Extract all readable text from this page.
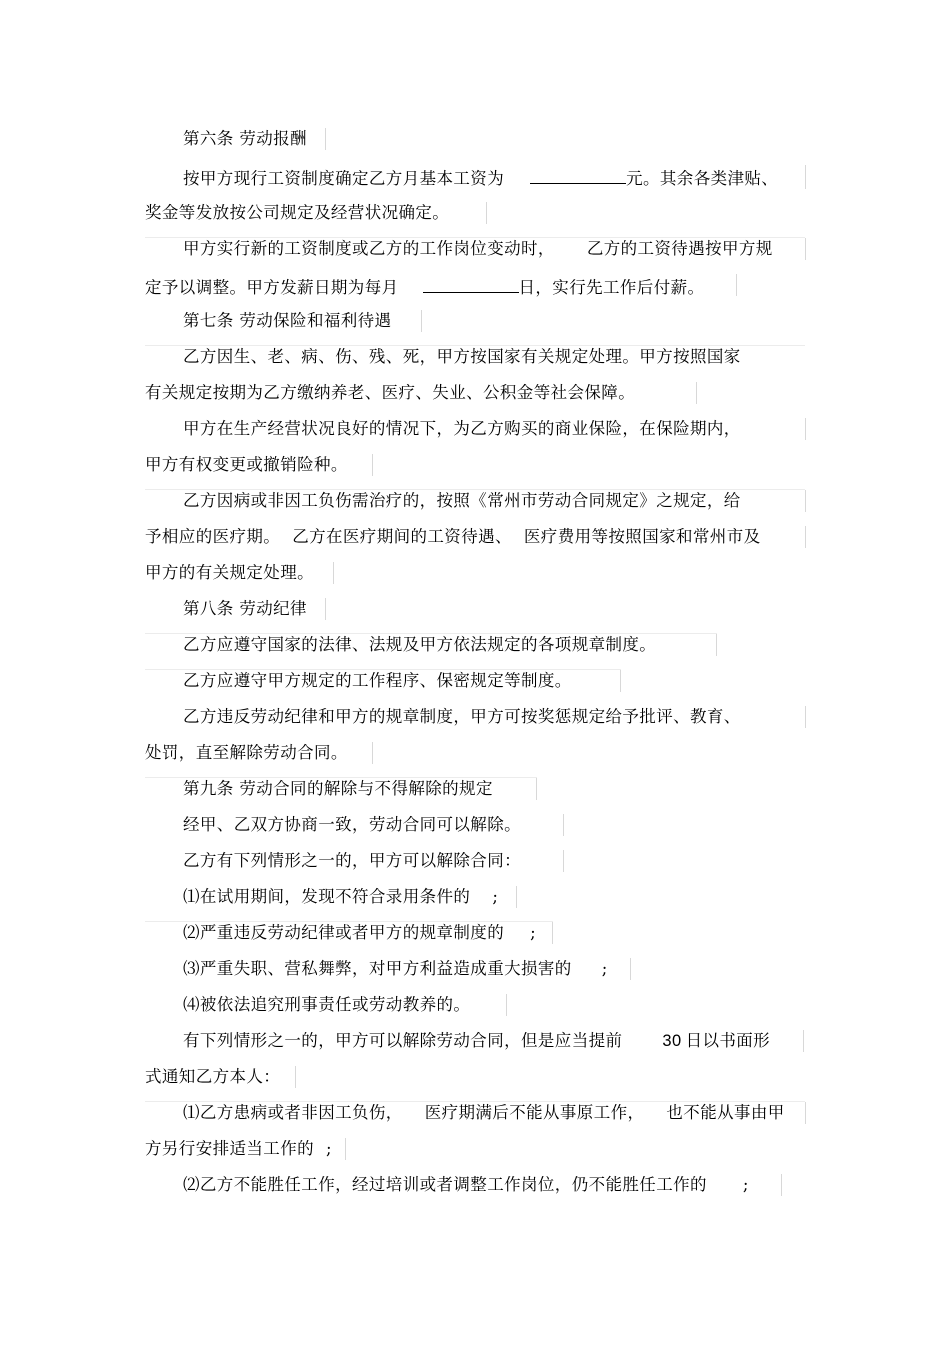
第六条 劳动报酬
按甲方现行工资制度确定乙方月基本工资为	元。其余各类津贴、
奖金等发放按公司规定及经营状况确定。
甲方实行新的工资制度或乙方的工作岗位变动时， 乙方的工资待遇按甲方规
定予以调整。甲方发薪日期为每月	日，实行先工作后付薪。
第七条 劳动保险和福利待遇
乙方因生、老、病、伤、残、死，甲方按国家有关规定处理。甲方按照国家
有关规定按期为乙方缴纳养老、医疗、失业、公积金等社会保障。
甲方在生产经营状况良好的情况下，为乙方购买的商业保险，在保险期内，
甲方有权变更或撤销险种。
乙方因病或非因工负伤需治疗的，按照《常州市劳动合同规定》之规定，给
予相应的医疗期。 乙方在医疗期间的工资待遇、 医疗费用等按照国家和常州市及
甲方的有关规定处理。
第八条 劳动纪律
乙方应遵守国家的法律、法规及甲方依法规定的各项规章制度。
乙方应遵守甲方规定的工作程序、保密规定等制度。
乙方违反劳动纪律和甲方的规章制度，甲方可按奖惩规定给予批评、教育、
处罚，直至解除劳动合同。
第九条 劳动合同的解除与不得解除的规定
经甲、乙双方协商一致，劳动合同可以解除。
乙方有下列情形之一的，甲方可以解除合同：
⑴在试用期间，发现不符合录用条件的 ;
⑵严重违反劳动纪律或者甲方的规章制度的 ;
⑶严重失职、营私舞弊，对甲方利益造成重大损害的 ;
⑷被依法追究刑事责任或劳动教养的。
有下列情形之一的，甲方可以解除劳动合同，但是应当提前 30 日以书面形
式通知乙方本人：
⑴乙方患病或者非因工负伤， 医疗期满后不能从事原工作， 也不能从事由甲
方另行安排适当工作的 ;
⑵乙方不能胜任工作，经过培训或者调整工作岗位，仍不能胜任工作的 ;
